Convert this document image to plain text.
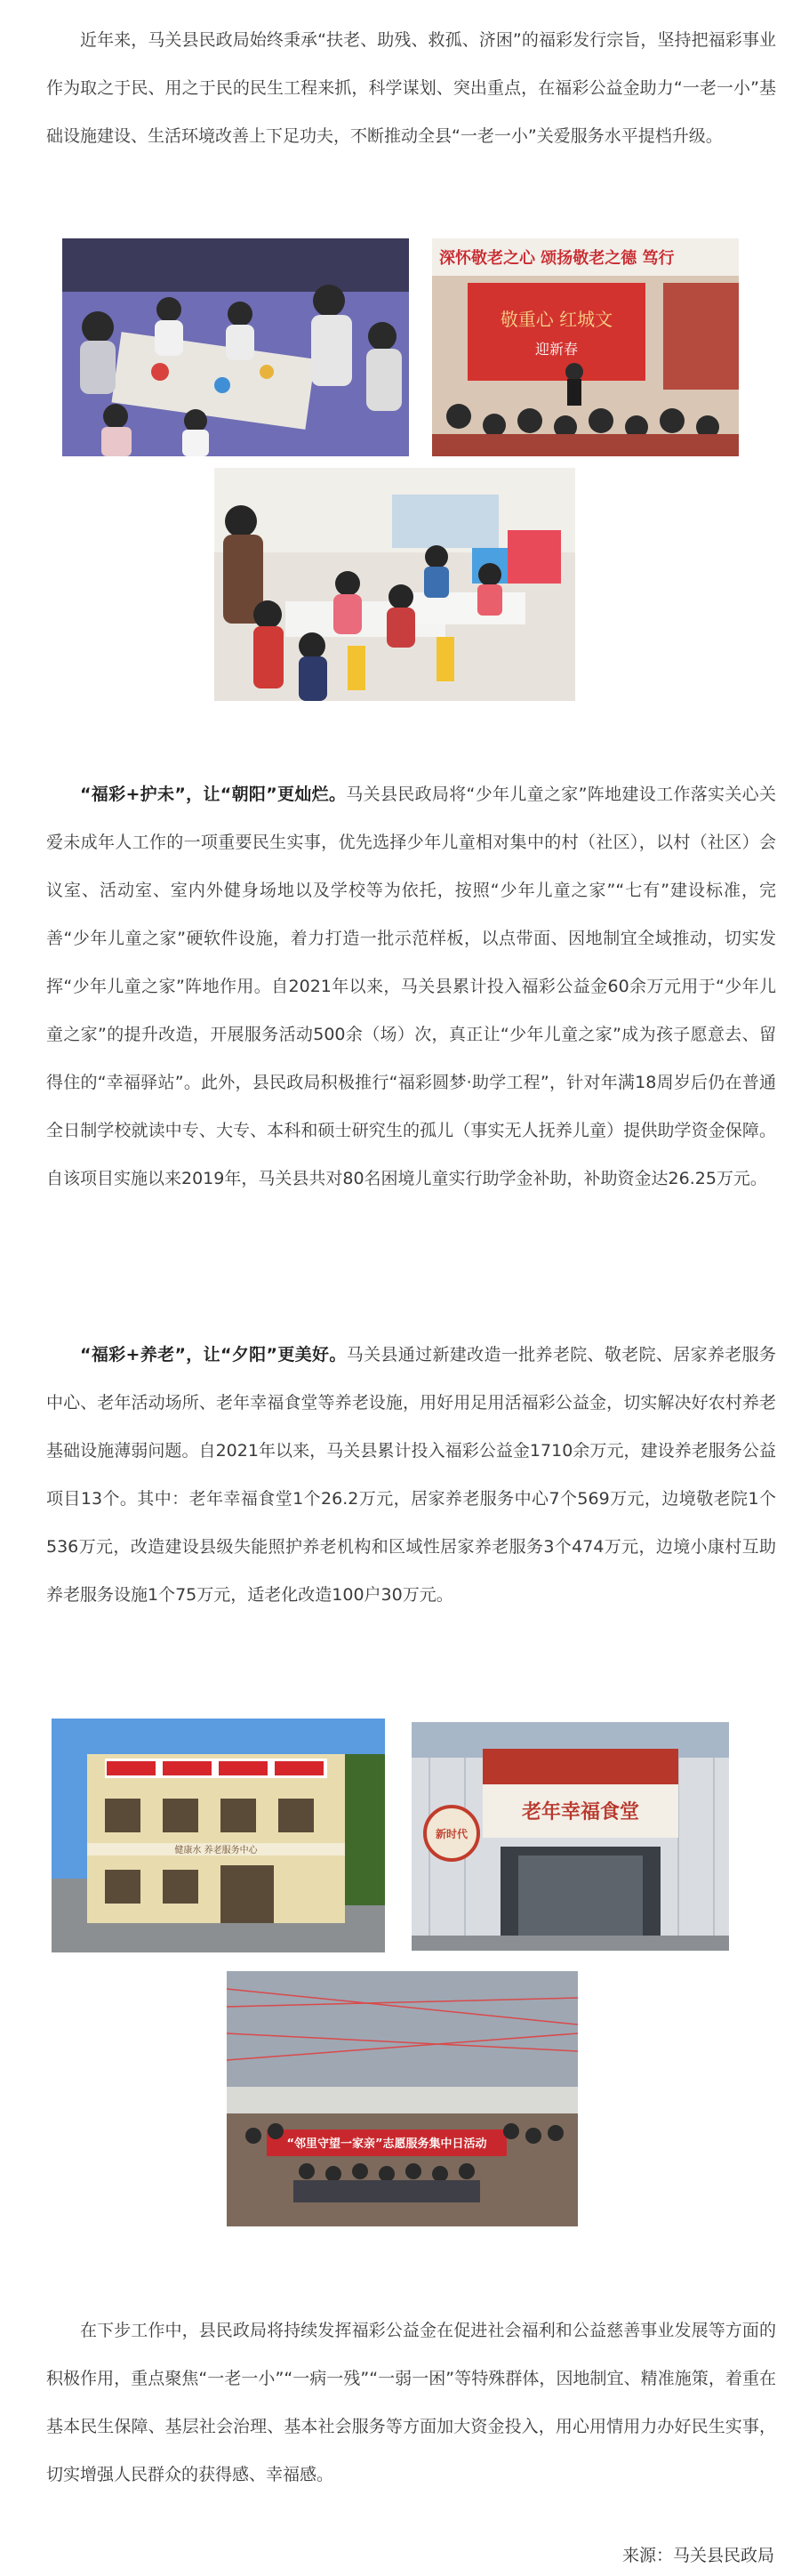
近年来，马关县民政局始终秉承“扶老、助残、救孤、济困”的福彩发行宗旨，坚持把福彩事业作为取之于民、用之于民的民生工程来抓，科学谋划、突出重点，在福彩公益金助力“一老一小”基础设施建设、生活环境改善上下足功夫，不断推动全县“一老一小”关爱服务水平提档升级。

深怀敬老之心 颂扬敬老之德 笃行
敬重心 红城文
迎新春

“福彩+护未”，让“朝阳”更灿烂。马关县民政局将“少年儿童之家”阵地建设工作落实关心关爱未成年人工作的一项重要民生实事，优先选择少年儿童相对集中的村（社区），以村（社区）会议室、活动室、室内外健身场地以及学校等为依托，按照“少年儿童之家”“七有”建设标准，完善“少年儿童之家”硬软件设施，着力打造一批示范样板，以点带面、因地制宜全域推动，切实发挥“少年儿童之家”阵地作用。自2021年以来，马关县累计投入福彩公益金60余万元用于“少年儿童之家”的提升改造，开展服务活动500余（场）次，真正让“少年儿童之家”成为孩子愿意去、留得住的“幸福驿站”。此外，县民政局积极推行“福彩圆梦·助学工程”，针对年满18周岁后仍在普通全日制学校就读中专、大专、本科和硕士研究生的孤儿（事实无人抚养儿童）提供助学资金保障。自该项目实施以来2019年，马关县共对80名困境儿童实行助学金补助，补助资金达26.25万元。

“福彩+养老”，让“夕阳”更美好。马关县通过新建改造一批养老院、敬老院、居家养老服务中心、老年活动场所、老年幸福食堂等养老设施，用好用足用活福彩公益金，切实解决好农村养老基础设施薄弱问题。自2021年以来，马关县累计投入福彩公益金1710余万元，建设养老服务公益项目13个。其中：老年幸福食堂1个26.2万元，居家养老服务中心7个569万元，边境敬老院1个536万元，改造建设县级失能照护养老机构和区域性居家养老服务3个474万元，边境小康村互助养老服务设施1个75万元，适老化改造100户30万元。

健康水 养老服务中心
新时代
老年幸福食堂
“邻里守望一家亲”志愿服务集中日活动

在下步工作中，县民政局将持续发挥福彩公益金在促进社会福利和公益慈善事业发展等方面的积极作用，重点聚焦“一老一小”“一病一残”“一弱一困”等特殊群体，因地制宜、精准施策，着重在基本民生保障、基层社会治理、基本社会服务等方面加大资金投入，用心用情用力办好民生实事，切实增强人民群众的获得感、幸福感。

来源：马关县民政局
